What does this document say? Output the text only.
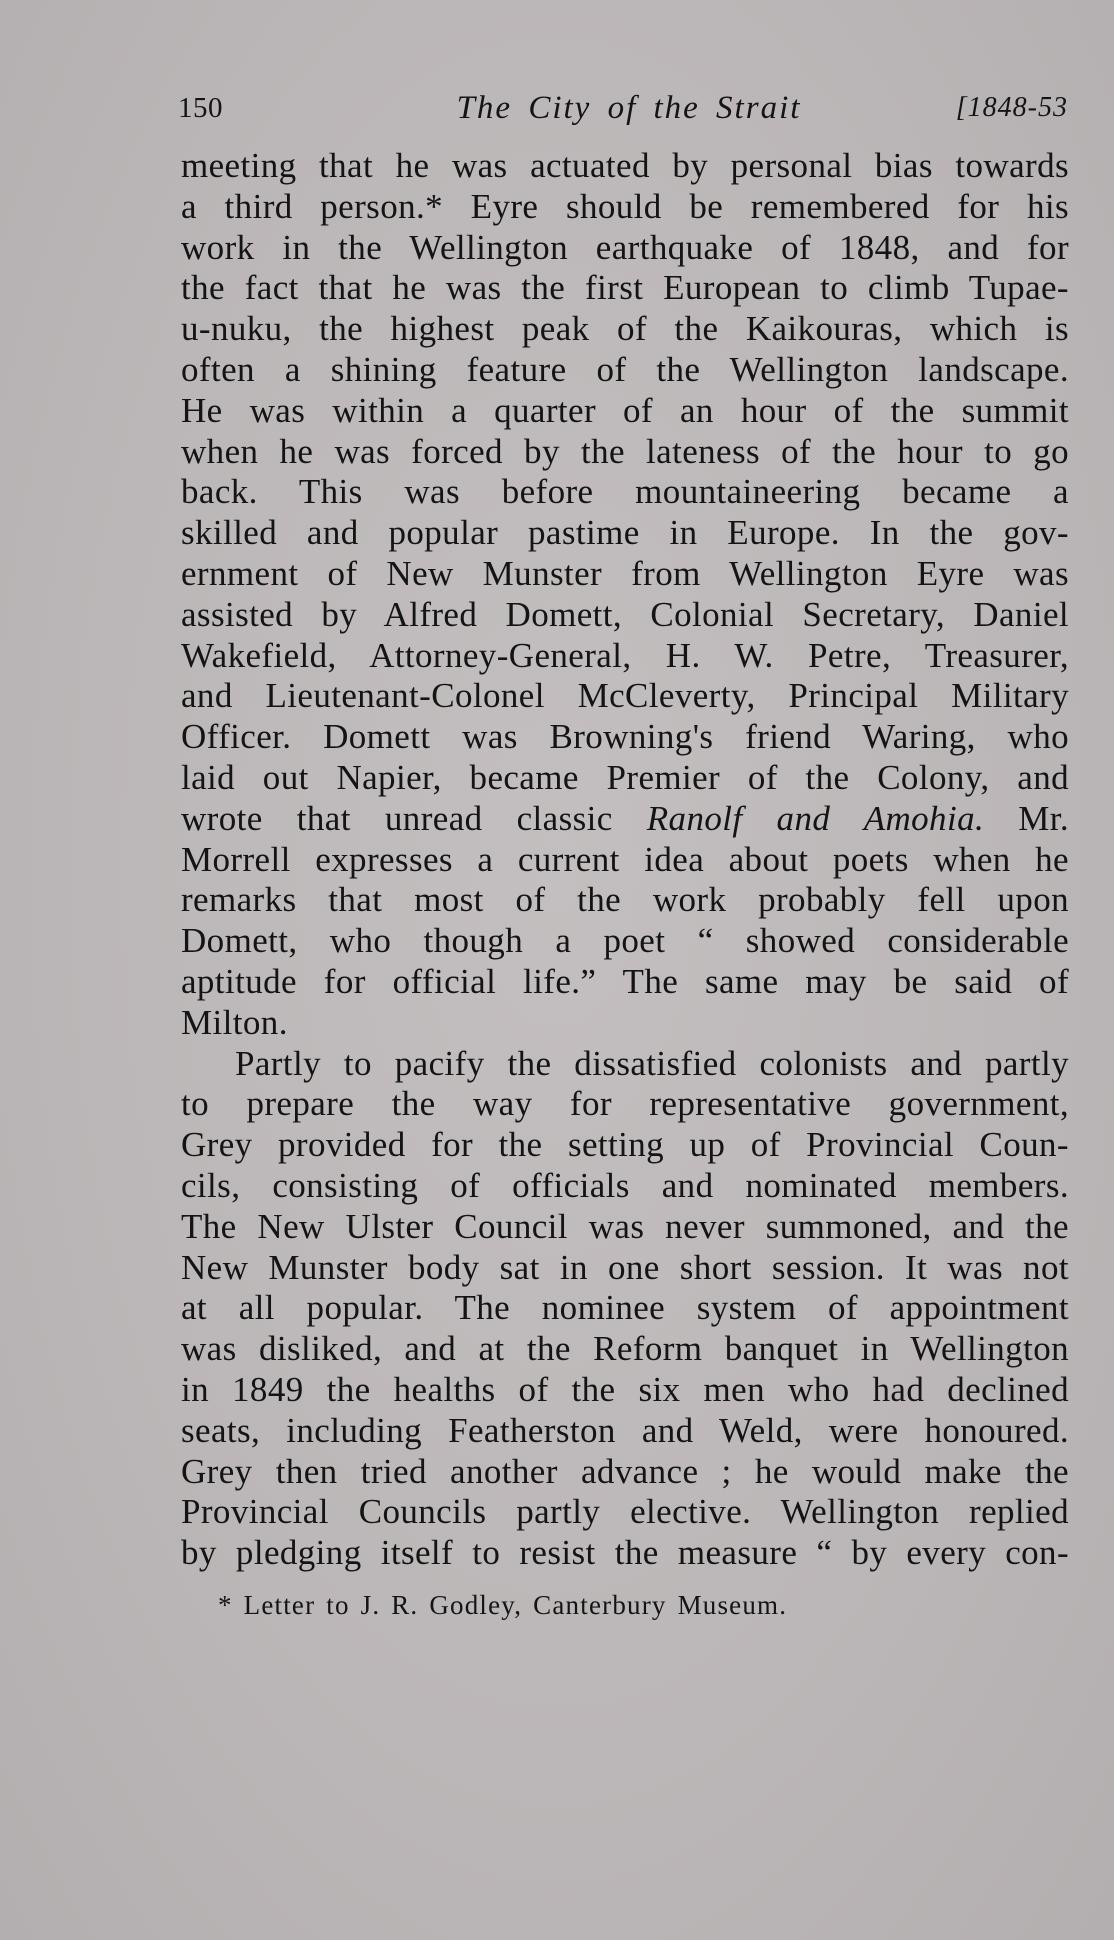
150	The City of the Strait	[1848-53
meeting that he was actuated by personal bias towards
a third person.* Eyre should be remembered for his
work in the Wellington earthquake of 1848, and for
the fact that he was the first European to climb Tupae-
u-nuku, the highest peak of the Kaikouras, which is
often a shining feature of the Wellington landscape.
He was within a quarter of an hour of the summit
when he was forced by the lateness of the hour to go
back. This was before mountaineering became a
skilled and popular pastime in Europe. In the gov-
ernment of New Munster from Wellington Eyre was
assisted by Alfred Domett, Colonial Secretary, Daniel
Wakefield, Attorney-General, H. W. Petre, Treasurer,
and Lieutenant-Colonel McCleverty, Principal Military
Officer. Domett was Browning's friend Waring, who
laid out Napier, became Premier of the Colony, and
wrote that unread classic Ranolf and Amohia. Mr.
Morrell expresses a current idea about poets when he
remarks that most of the work probably fell upon
Domett, who though a poet “ showed considerable
aptitude for official life.” The same may be said of
Milton.
Partly to pacify the dissatisfied colonists and partly
to prepare the way for representative government,
Grey provided for the setting up of Provincial Coun-
cils, consisting of officials and nominated members.
The New Ulster Council was never summoned, and the
New Munster body sat in one short session. It was not
at all popular. The nominee system of appointment
was disliked, and at the Reform banquet in Wellington
in 1849 the healths of the six men who had declined
seats, including Featherston and Weld, were honoured.
Grey then tried another advance ; he would make the
Provincial Councils partly elective. Wellington replied
by pledging itself to resist the measure “ by every con-
* Letter to J. R. Godley, Canterbury Museum.
